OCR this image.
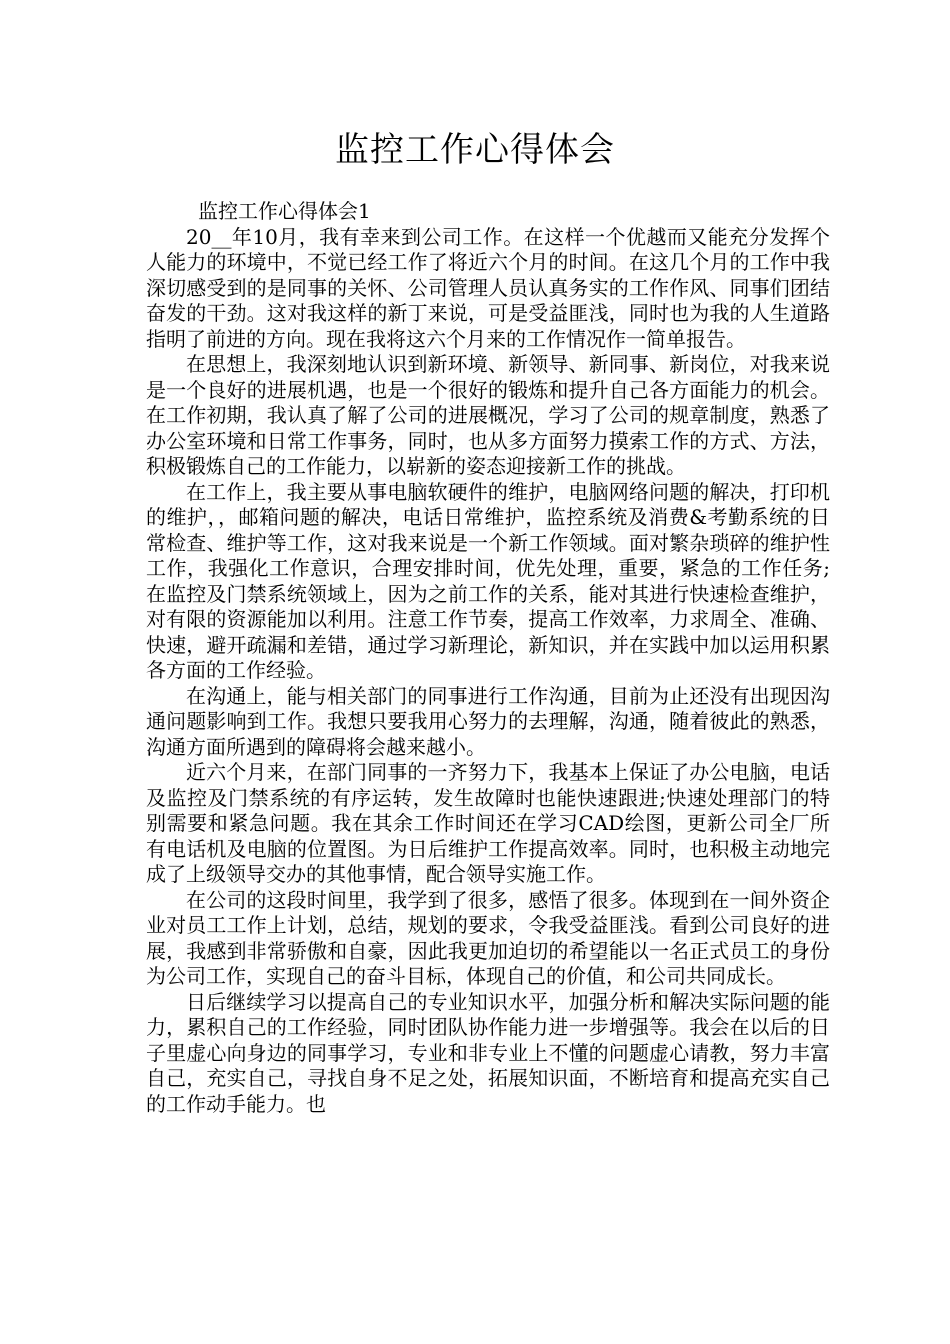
监控工作心得体会

监控工作心得体会1

20__年10月，我有幸来到公司工作。在这样一个优越而又能充分发挥个人能力的环境中，不觉已经工作了将近六个月的时间。在这几个月的工作中我深切感受到的是同事的关怀、公司管理人员认真务实的工作作风、同事们团结奋发的干劲。这对我这样的新丁来说，可是受益匪浅，同时也为我的人生道路指明了前进的方向。现在我将这六个月来的工作情况作一简单报告。

在思想上，我深刻地认识到新环境、新领导、新同事、新岗位，对我来说是一个良好的进展机遇，也是一个很好的锻炼和提升自己各方面能力的机会。在工作初期，我认真了解了公司的进展概况，学习了公司的规章制度，熟悉了办公室环境和日常工作事务，同时，也从多方面努力摸索工作的方式、方法，积极锻炼自己的工作能力，以崭新的姿态迎接新工作的挑战。

在工作上，我主要从事电脑软硬件的维护，电脑网络问题的解决，打印机的维护，，邮箱问题的解决，电话日常维护，监控系统及消费&考勤系统的日常检查、维护等工作，这对我来说是一个新工作领域。面对繁杂琐碎的维护性工作，我强化工作意识，合理安排时间，优先处理，重要，紧急的工作任务;在监控及门禁系统领域上，因为之前工作的关系，能对其进行快速检查维护，对有限的资源能加以利用。注意工作节奏，提高工作效率，力求周全、准确、快速，避开疏漏和差错，通过学习新理论，新知识，并在实践中加以运用积累各方面的工作经验。

在沟通上，能与相关部门的同事进行工作沟通，目前为止还没有出现因沟通问题影响到工作。我想只要我用心努力的去理解，沟通，随着彼此的熟悉，沟通方面所遇到的障碍将会越来越小。

近六个月来，在部门同事的一齐努力下，我基本上保证了办公电脑，电话及监控及门禁系统的有序运转，发生故障时也能快速跟进;快速处理部门的特别需要和紧急问题。我在其余工作时间还在学习CAD绘图，更新公司全厂所有电话机及电脑的位置图。为日后维护工作提高效率。同时，也积极主动地完成了上级领导交办的其他事情，配合领导实施工作。

在公司的这段时间里，我学到了很多，感悟了很多。体现到在一间外资企业对员工工作上计划，总结，规划的要求，令我受益匪浅。看到公司良好的进展，我感到非常骄傲和自豪，因此我更加迫切的希望能以一名正式员工的身份为公司工作，实现自己的奋斗目标，体现自己的价值，和公司共同成长。

日后继续学习以提高自己的专业知识水平，加强分析和解决实际问题的能力，累积自己的工作经验，同时团队协作能力进一步增强等。我会在以后的日子里虚心向身边的同事学习，专业和非专业上不懂的问题虚心请教，努力丰富自己，充实自己，寻找自身不足之处，拓展知识面，不断培育和提高充实自己的工作动手能力。也
